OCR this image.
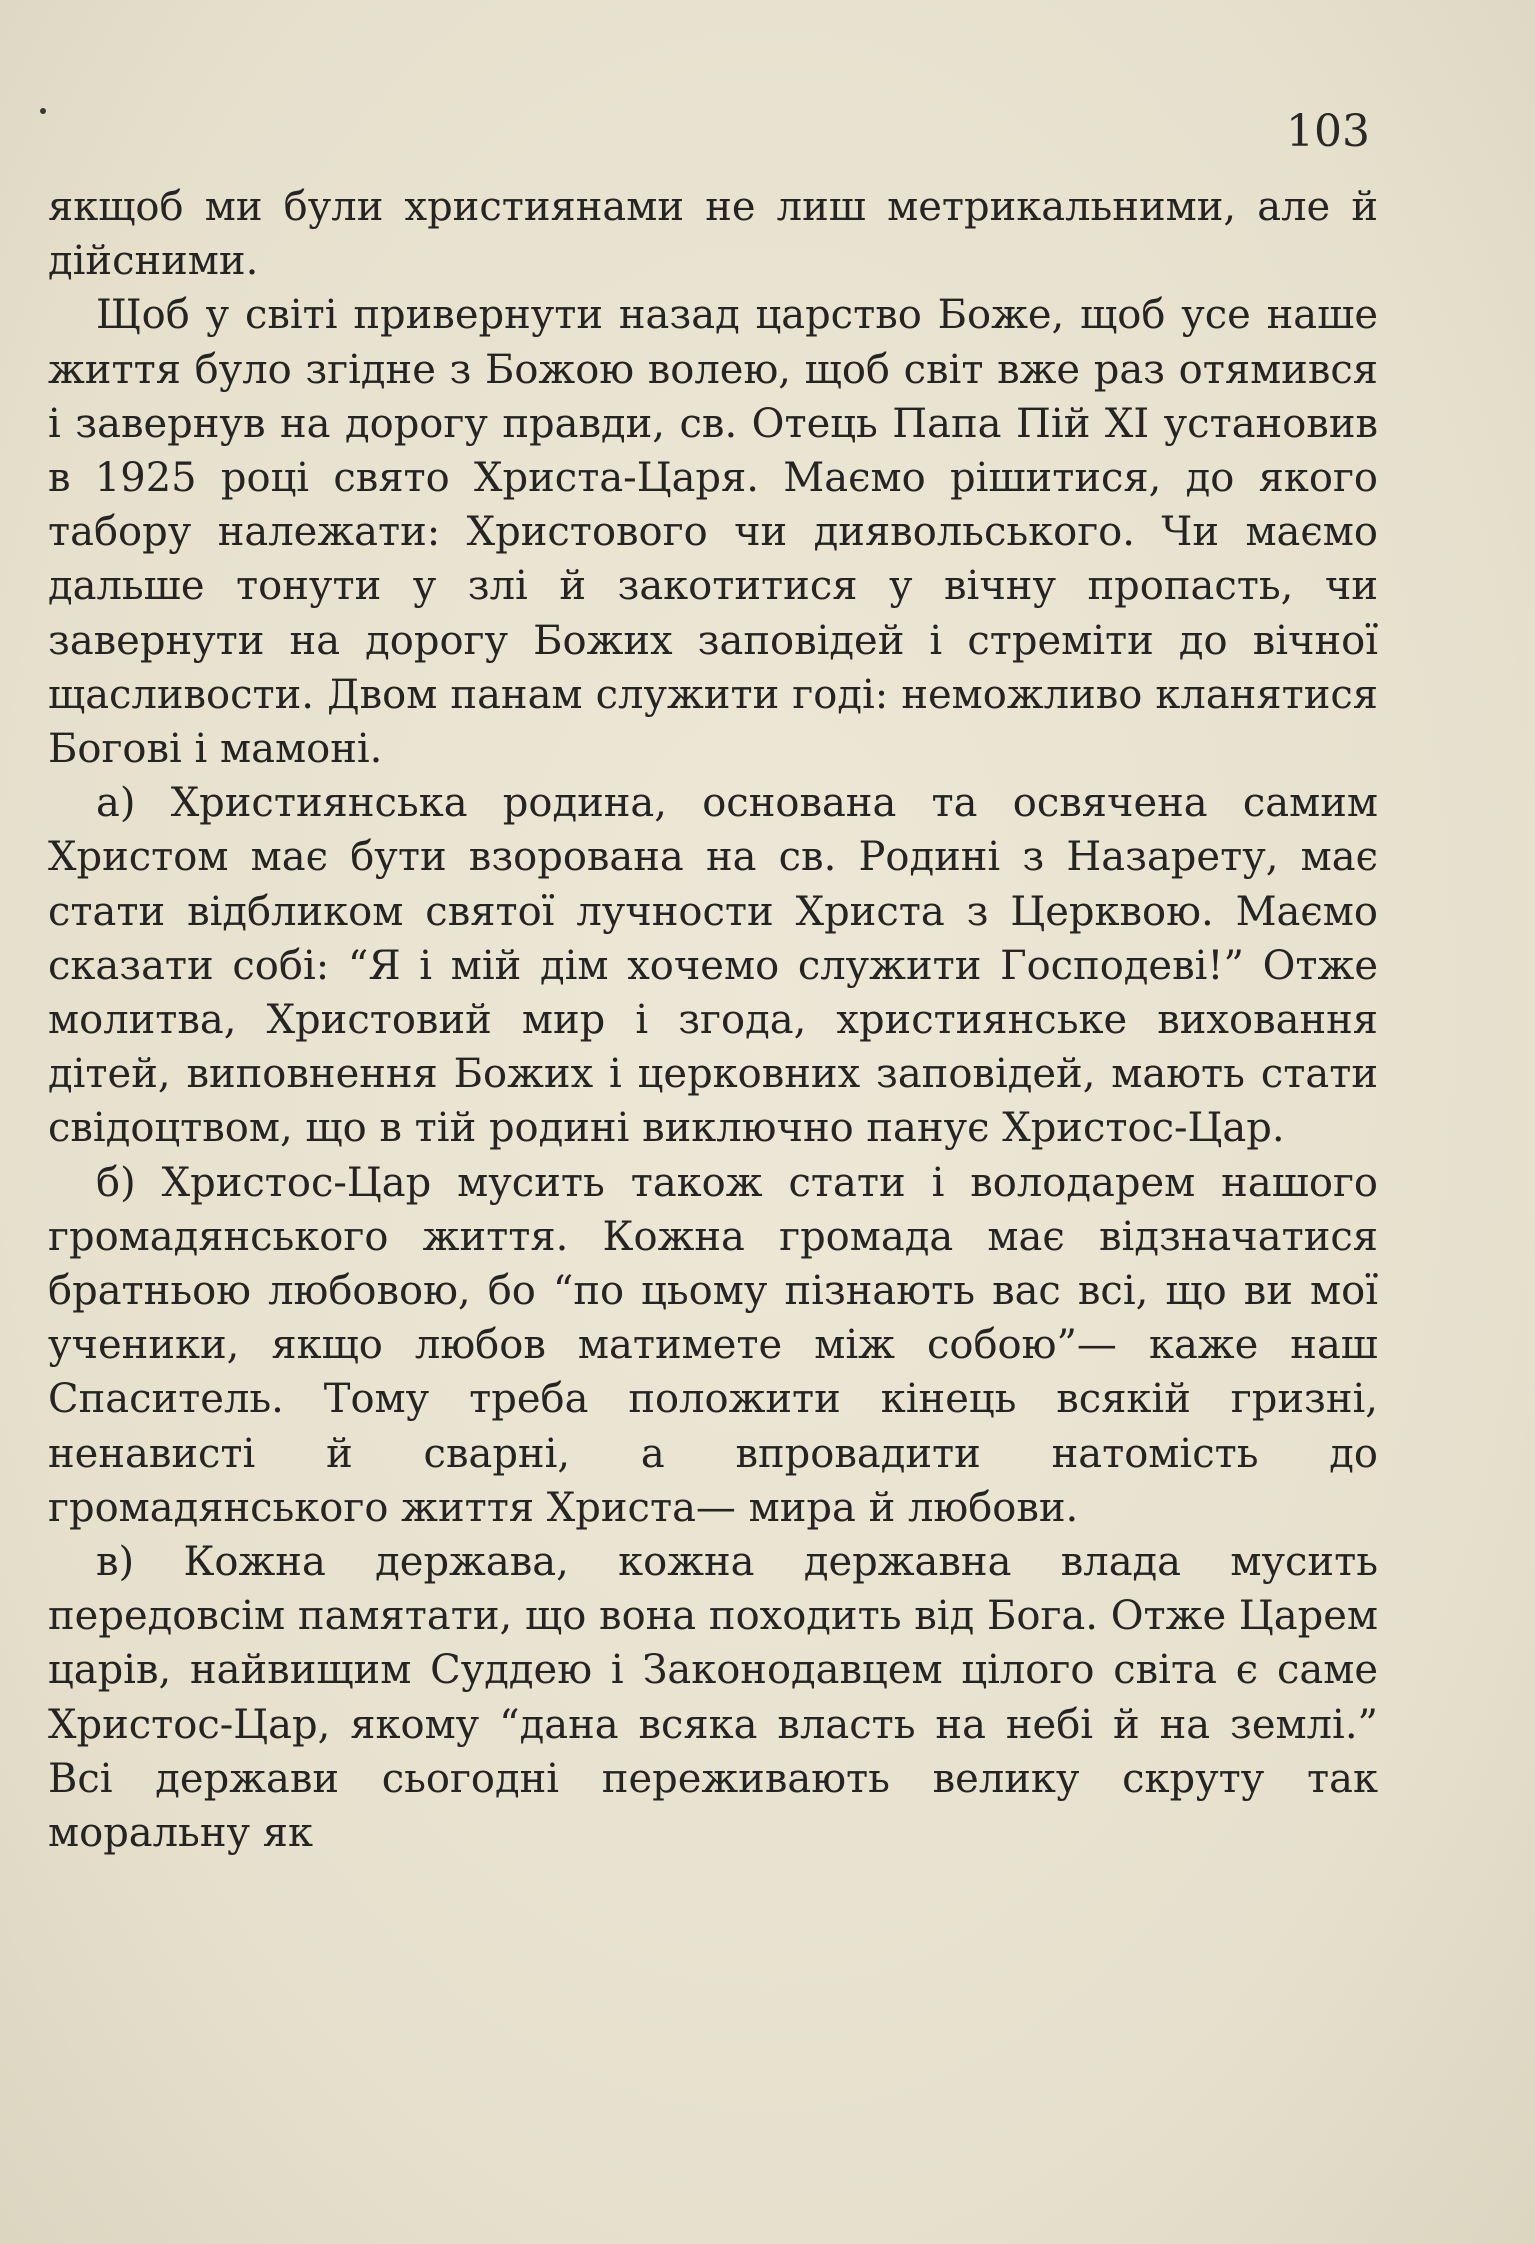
103

якщоб ми були християнами не лиш метрикальними, але й дійсними.

Щоб у світі привернути назад царство Боже, щоб усе наше життя було згідне з Божою волею, щоб світ вже раз отямився і завернув на дорогу правди, св. Отець Папа Пій XI установив в 1925 році свято Христа-Царя. Маємо рішитися, до якого табору належати: Христового чи диявольського. Чи маємо дальше тонути у злі й закотитися у вічну пропасть, чи завернути на дорогу Божих заповідей і стреміти до вічної щасливости. Двом панам служити годі: неможливо кланятися Богові і мамоні.

а) Християнська родина, основана та освячена самим Христом має бути взорована на св. Родині з Назарету, має стати відбликом святої лучности Христа з Церквою. Маємо сказати собі: “Я і мій дім хочемо служити Господеві!” Отже молитва, Христовий мир і згода, християнське виховання дітей, виповнення Божих і церковних заповідей, мають стати свідоцтвом, що в тій родині виключно панує Христос-Цар.

б) Христос-Цар мусить також стати і володарем нашого громадянського життя. Кожна громада має відзначатися братньою любовою, бо “по цьому пізнають вас всі, що ви мої ученики, якщо любов матимете між собою”— каже наш Спаситель. Тому треба положити кінець всякій гризні, ненависті й сварні, а впровадити натомість до громадянського життя Христа— мира й любови.

в) Кожна держава, кожна державна влада мусить передовсім памятати, що вона походить від Бога. Отже Царем царів, найвищим Суддею і Законодавцем цілого світа є саме Христос-Цар, якому “дана всяка власть на небі й на землі.” Всі держави сьогодні переживають велику скруту так моральну як
